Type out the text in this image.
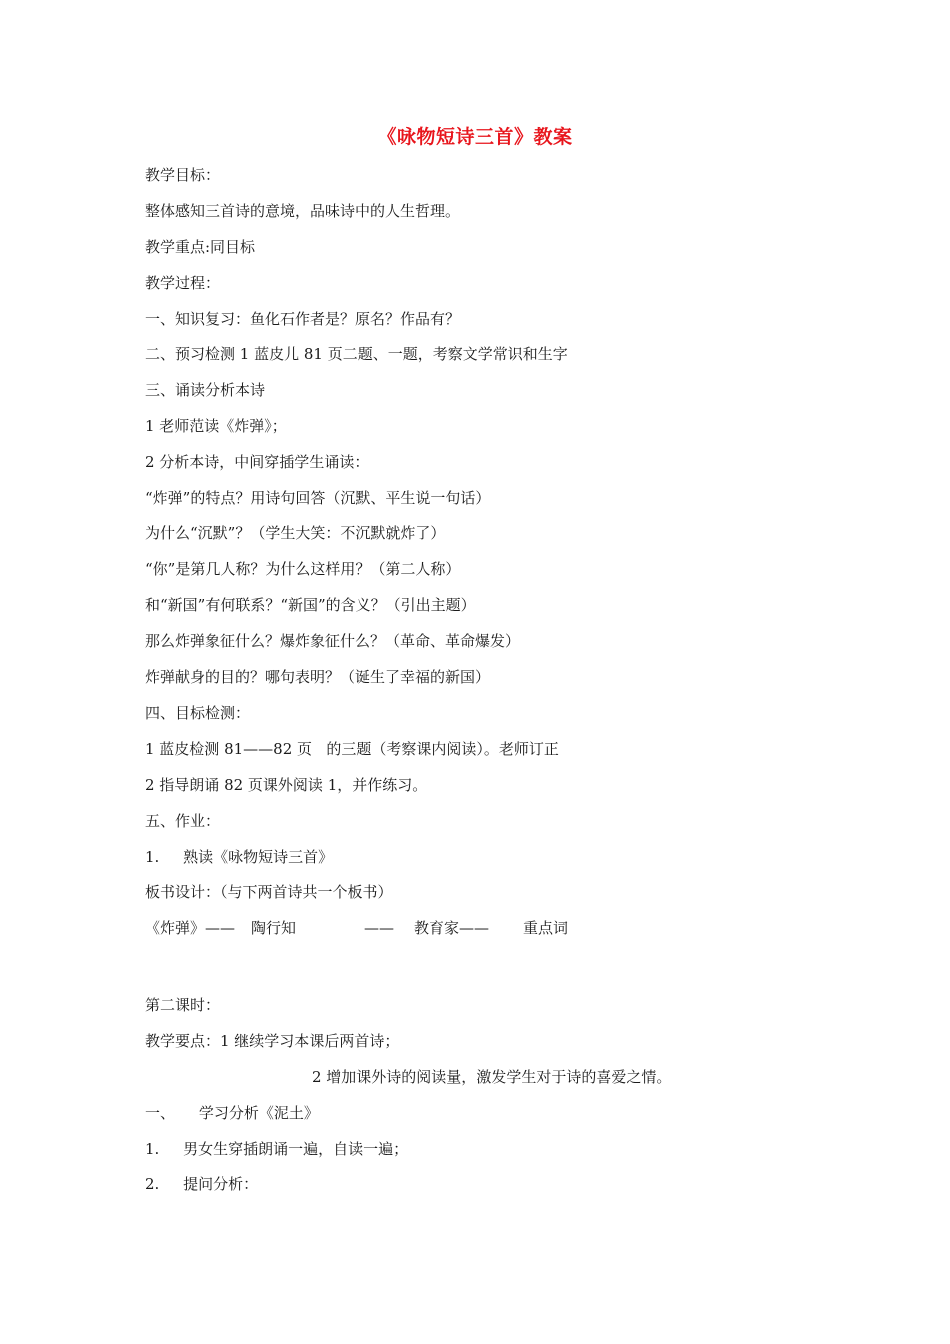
《咏物短诗三首》教案
教学目标：
整体感知三首诗的意境，品味诗中的人生哲理。
教学重点:同目标
教学过程：
一、知识复习：鱼化石作者是？原名？作品有？
二、预习检测 1 蓝皮儿 81 页二题、一题，考察文学常识和生字
三、诵读分析本诗
1 老师范读《炸弹》；
2 分析本诗，中间穿插学生诵读：
“炸弹”的特点？用诗句回答（沉默、平生说一句话）
为什么“沉默”？（学生大笑：不沉默就炸了）
“你”是第几人称？为什么这样用？（第二人称）
和“新国”有何联系？“新国”的含义？（引出主题）
那么炸弹象征什么？爆炸象征什么？（革命、革命爆发）
炸弹献身的目的？哪句表明？（诞生了幸福的新国）
四、目标检测：
1 蓝皮检测 81——82 页   的三题（考察课内阅读）。老师订正
2 指导朗诵 82 页课外阅读 1，并作练习。
五、作业：
1.     熟读《咏物短诗三首》
板书设计：（与下两首诗共一个板书）
《炸弹》—— 陶行知	—— 教育家—— 重点词
第二课时：
教学要点：1 继续学习本课后两首诗；
2 增加课外诗的阅读量，激发学生对于诗的喜爱之情。
一、     学习分析《泥土》
1.     男女生穿插朗诵一遍，自读一遍；
2.     提问分析：
